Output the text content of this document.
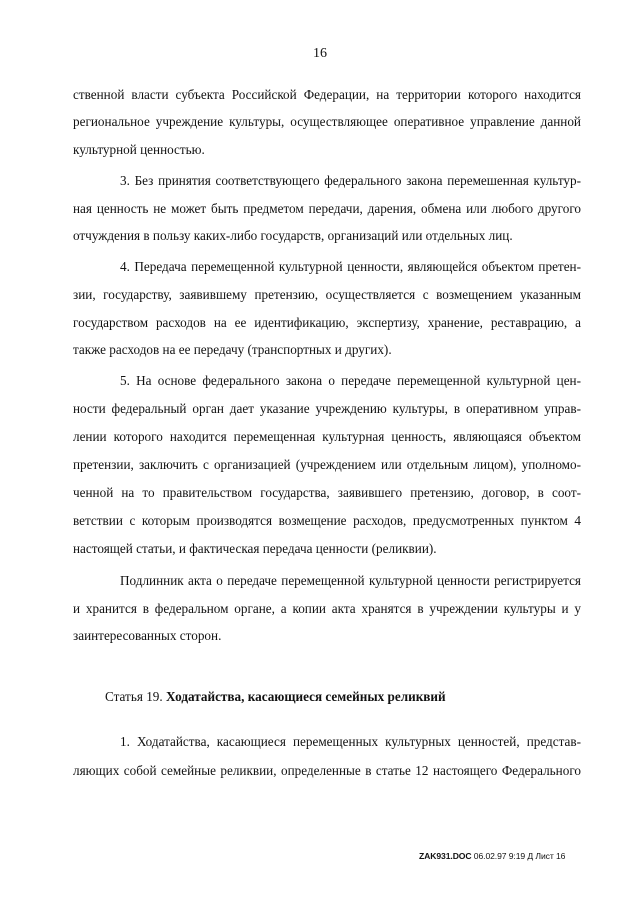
16
ственной власти субъекта Российской Федерации, на территории которого находится
региональное учреждение культуры, осуществляющее оперативное управление данной
культурной ценностью.
3. Без принятия соответствующего федерального закона перемешенная культур-
ная ценность не может быть предметом передачи, дарения, обмена или любого другого
отчуждения в пользу каких-либо государств, организаций или отдельных лиц.
4. Передача перемещенной культурной ценности, являющейся объектом претен-
зии, государству, заявившему претензию, осуществляется с возмещением указанным
государством расходов на ее идентификацию, экспертизу, хранение, реставрацию, а
также расходов на ее передачу (транспортных и других).
5. На основе федерального закона о передаче перемещенной культурной цен-
ности федеральный орган дает указание учреждению культуры, в оперативном управ-
лении которого находится перемещенная культурная ценность, являющаяся объектом
претензии, заключить с организацией (учреждением или отдельным лицом), уполномо-
ченной на то правительством государства, заявившего претензию, договор, в соот-
ветствии с которым производятся возмещение расходов, предусмотренных пунктом 4
настоящей статьи, и фактическая передача ценности (реликвии).
Подлинник акта о передаче перемещенной культурной ценности регистрируется
и хранится в федеральном органе, а копии акта хранятся в учреждении культуры и у
заинтересованных сторон.
Статья 19. Ходатайства, касающиеся семейных реликвий
1. Ходатайства, касающиеся перемещенных культурных ценностей, представ-
ляющих собой семейные реликвии, определенные в статье 12 настоящего Федерального
ZAK931.DOC 06.02.97 9:19 Д Лист 16
